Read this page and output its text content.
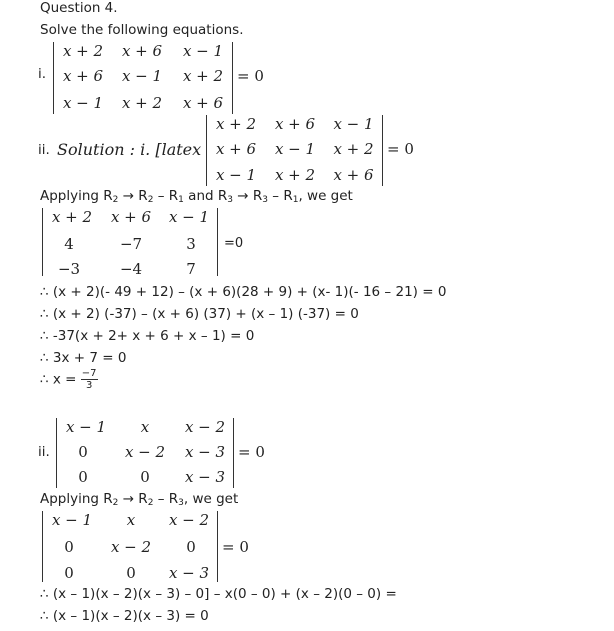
Question 4.
Solve the following equations.
i.
x + 2	x + 6	x − 1
x + 6	x − 1	x + 2
x − 1	x + 2	x + 6
= 0
ii. Solution : i. [latex
x + 2	x + 6	x − 1
x + 6	x − 1	x + 2
x − 1	x + 2	x + 6
= 0
Applying $R_2 \to R_2 - R_1$ and $R_3 \to R_3 - R_1$, we get
x + 2	x + 6	x − 1
4	−7	3
−3	−4	7
=0
∴ (x + 2)(- 49 + 12) – (x + 6)(28 + 9) + (x- 1)(- 16 – 21) = 0
∴ (x + 2) (-37) – (x + 6) (37) + (x – 1) (-37) = 0
∴ -37(x + 2+ x + 6 + x – 1) = 0
∴ 3x + 7 = 0
∴ $x = \frac{-7}{3}$
ii.
x − 1	x	x − 2
0	x − 2	x − 3
0	0	x − 3
= 0
Applying $R_2 \to R_2 - R_3$, we get
x − 1	x	x − 2
0	x − 2	0
0	0	x − 3
= 0
∴ (x – 1)(x – 2)(x – 3) – 0] – x(0 – 0) + (x – 2)(0 – 0) =
∴ (x – 1)(x – 2)(x – 3) = 0
